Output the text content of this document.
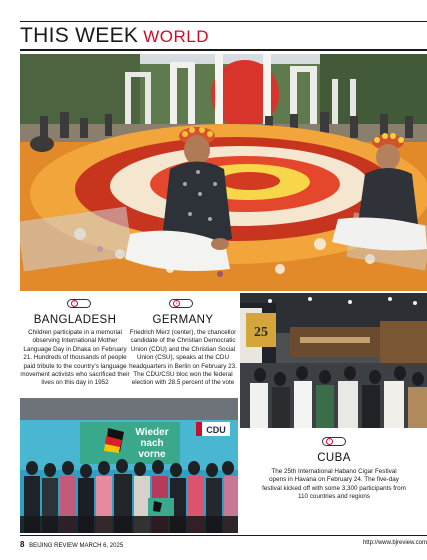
THIS WEEK WORLD
↑
BANGLADESH
Children participate in a memorial observing International Mother Language Day in Dhaka on February 21. Hundreds of thousands of people paid tribute to the country's language movement activists who sacrificed their lives on this day in 1952
↓
GERMANY
Friedrich Merz (center), the chancellor candidate of the Christian Democratic Union (CDU) and the Christian Social Union (CSU), speaks at the CDU headquarters in Berlin on February 23. The CDU/CSU bloc won the federal election with 28.5 percent of the vote
25
Wieder
nach
vorne
CDU
↑
CUBA
The 25th International Habano Cigar Festival opens in Havana on February 24. The five-day festival kicked off with some 3,300 participants from 110 countries and regions
8 BEIJING REVIEW MARCH 6, 2025	http://www.bjreview.com
